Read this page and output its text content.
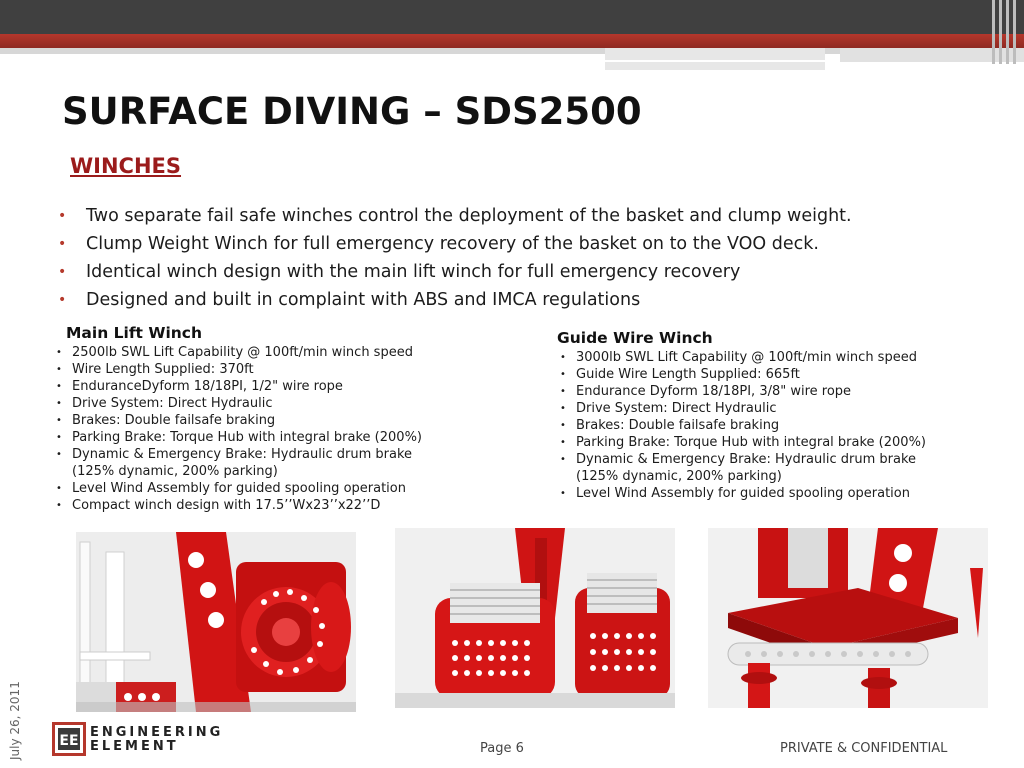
SURFACE DIVING – SDS2500
WINCHES
• Two separate fail safe winches control the deployment of the basket and clump weight.
• Clump Weight Winch for full emergency recovery of the basket on to the VOO deck.
• Identical winch design with the main lift winch for full emergency recovery
• Designed and built in complaint with ABS and IMCA regulations
Main Lift Winch
• 2500lb SWL Lift Capability @ 100ft/min winch speed
• Wire Length Supplied: 370ft
• EnduranceDyform 18/18PI, 1/2" wire rope
• Drive System: Direct Hydraulic
• Brakes: Double failsafe braking
• Parking Brake: Torque Hub with integral brake (200%)
• Dynamic & Emergency Brake: Hydraulic drum brake
(125% dynamic, 200% parking)
• Level Wind Assembly for guided spooling operation
• Compact winch design with 17.5’’Wx23’’x22’’D
Guide Wire Winch
• 3000lb SWL Lift Capability @ 100ft/min winch speed
• Guide Wire Length Supplied: 665ft
• Endurance Dyform 18/18PI, 3/8" wire rope
• Drive System: Direct Hydraulic
• Brakes: Double failsafe braking
• Parking Brake: Torque Hub with integral brake (200%)
• Dynamic & Emergency Brake: Hydraulic drum brake
(125% dynamic, 200% parking)
• Level Wind Assembly for guided spooling operation
July 26, 2011	EE
ENGINEERING
ELEMENT	Page 6	PRIVATE & CONFIDENTIAL
